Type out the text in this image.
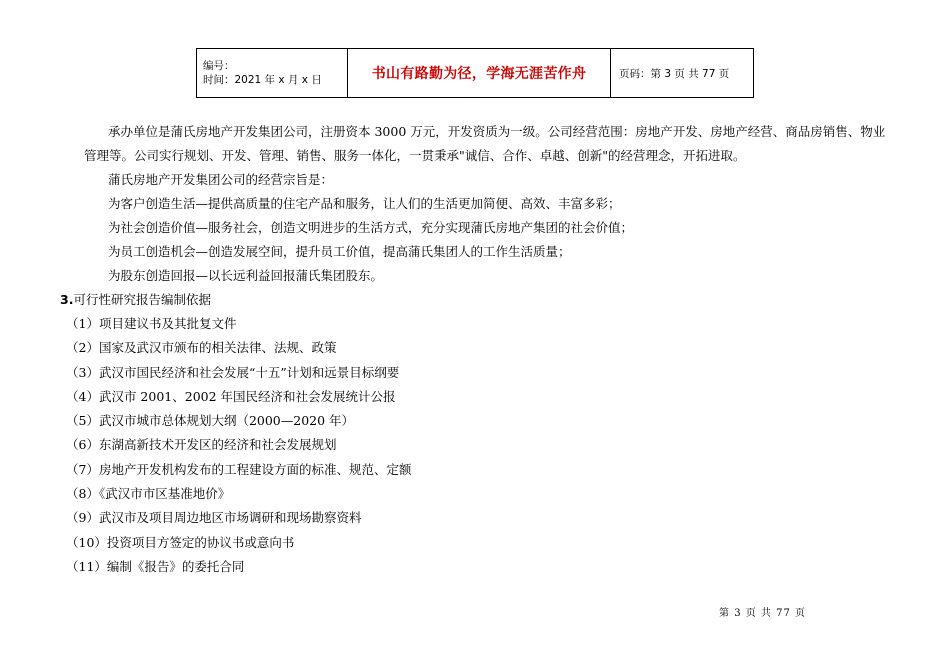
编号：
时间：2021 年 x 月 x 日	书山有路勤为径，学海无涯苦作舟	页码：第 3 页 共 77 页
承办单位是蒲氏房地产开发集团公司，注册资本 3000 万元，开发资质为一级。公司经营范围：房地产开发、房地产经营、商品房销售、物业管理等。公司实行规划、开发、管理、销售、服务一体化，一贯秉承"诚信、合作、卓越、创新"的经营理念，开拓进取。
蒲氏房地产开发集团公司的经营宗旨是：
为客户创造生活—提供高质量的住宅产品和服务，让人们的生活更加简便、高效、丰富多彩；
为社会创造价值—服务社会，创造文明进步的生活方式，充分实现蒲氏房地产集团的社会价值；
为员工创造机会—创造发展空间，提升员工价值，提高蒲氏集团人的工作生活质量；
为股东创造回报—以长远利益回报蒲氏集团股东。
3.可行性研究报告编制依据
（1）项目建议书及其批复文件
（2）国家及武汉市颁布的相关法律、法规、政策
（3）武汉市国民经济和社会发展“十五”计划和远景目标纲要
（4）武汉市 2001、2002 年国民经济和社会发展统计公报
（5）武汉市城市总体规划大纲（2000—2020 年）
（6）东湖高新技术开发区的经济和社会发展规划
（7）房地产开发机构发布的工程建设方面的标准、规范、定额
（8）《武汉市市区基准地价》
（9）武汉市及项目周边地区市场调研和现场勘察资料
（10）投资项目方签定的协议书或意向书
（11）编制《报告》的委托合同
第 3 页 共 77 页
